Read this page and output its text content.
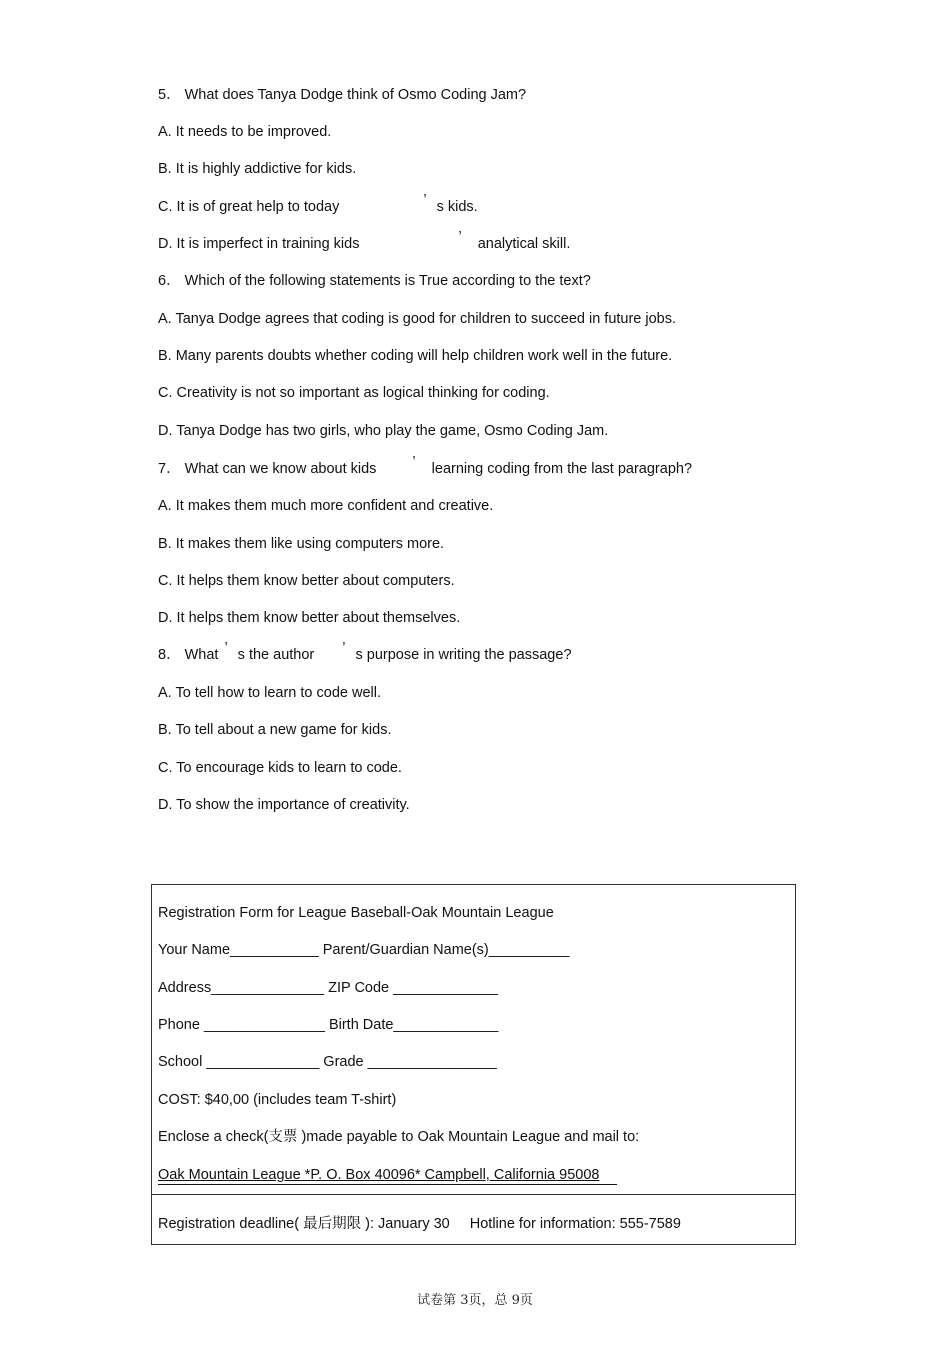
5． What does Tanya Dodge think of Osmo Coding Jam?
A. It needs to be improved.
B. It is highly addictive for kids.
C. It is of great help to today	’ s kids.
D. It is imperfect in training kids	’ analytical skill.
6． Which of the following statements is True according to the text?
A. Tanya Dodge agrees that coding is good for children to succeed in future jobs.
B. Many parents doubts whether coding will help children work well in the future.
C. Creativity is not so important as logical thinking for coding.
D. Tanya Dodge has two girls, who play the game, Osmo Coding Jam.
7． What can we know about kids ’ learning coding from the last paragraph?
A. It makes them much more confident and creative.
B. It makes them like using computers more.
C. It helps them know better about computers.
D. It helps them know better about themselves.
8． What ’ s the author ’ s purpose in writing the passage?
A. To tell how to learn to code well.
B. To tell about a new game for kids.
C. To encourage kids to learn to code.
D. To show the importance of creativity.
Registration Form for League Baseball-Oak Mountain League
Your Name___________ Parent/Guardian Name(s)__________
Address______________ ZIP Code _____________
Phone _______________ Birth Date_____________
School ______________ Grade ________________
COST: $40,00 (includes team T-shirt)
Enclose a check(支票 )made payable to Oak Mountain League and mail to:
Oak Mountain League *P. O. Box 40096* Campbell, California 95008
Registration deadline( 最后期限 ): January 30 Hotline for information: 555-7589
试卷第 3页，总 9页
